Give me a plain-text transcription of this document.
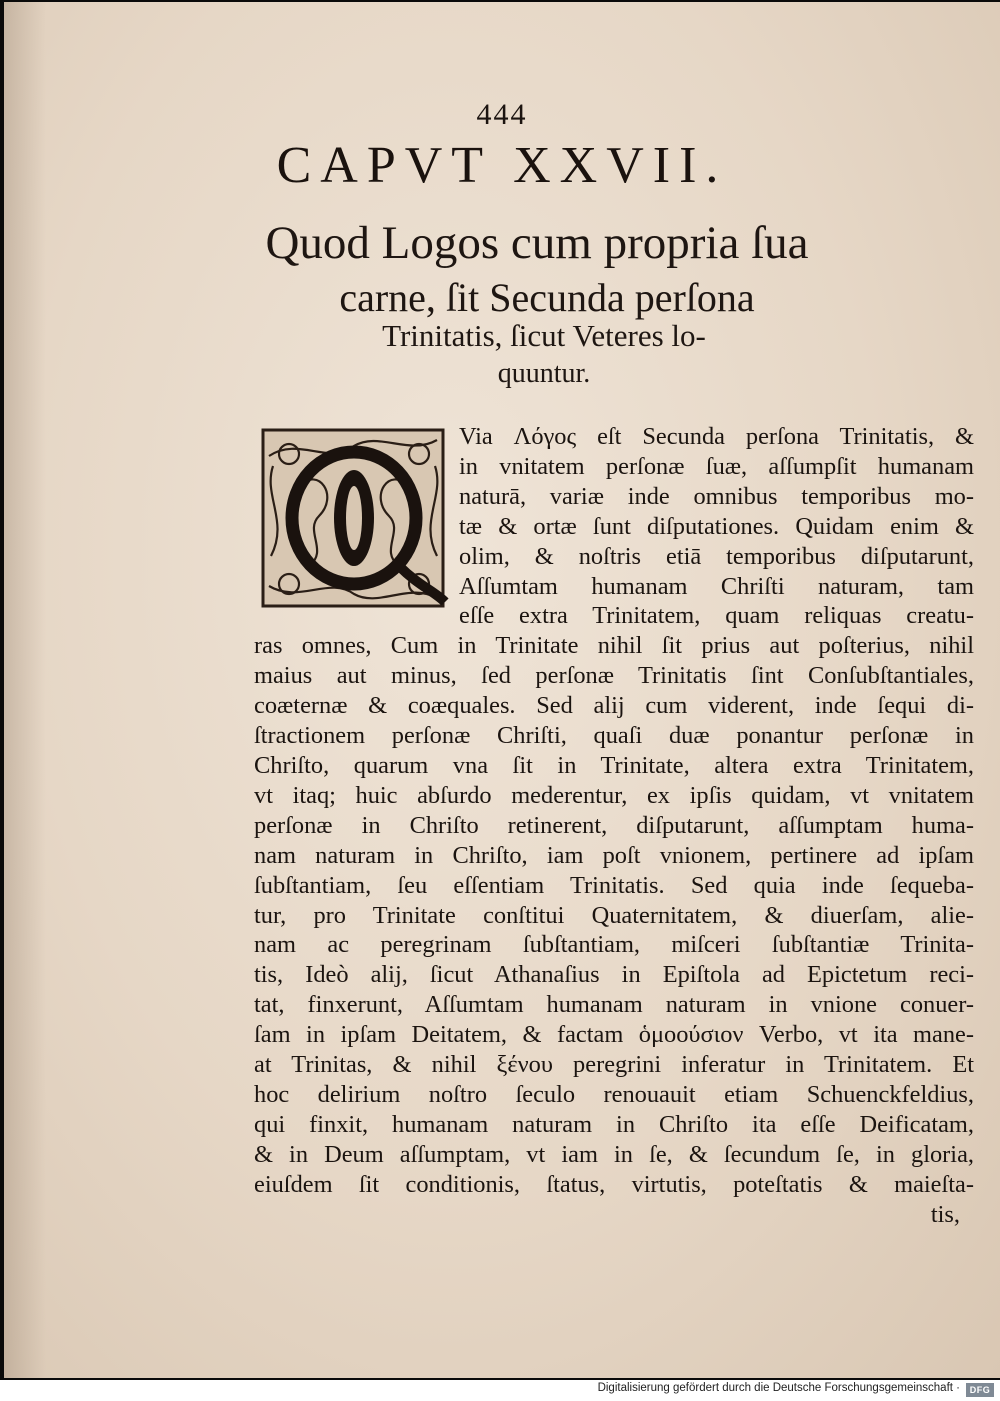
444
CAPVT XXVII.
Quod Logos cum propria ſua
carne, ſit Secunda perſona
Trinitatis, ſicut Veteres lo‑
quuntur.
Via Λόγος eſt Secunda perſona Trinitatis, &
in vnitatem perſonæ ſuæ, aſſumpſit humanam
naturā, variæ inde omnibus temporibus mo-
tæ & ortæ ſunt diſputationes. Quidam enim &
olim, & noſtris etiā temporibus diſputarunt,
Aſſumtam humanam Chriſti naturam, tam
eſſe extra Trinitatem, quam reliquas creatu-
ras omnes, Cum in Trinitate nihil ſit prius aut poſterius, nihil
maius aut minus, ſed perſonæ Trinitatis ſint Conſubſtantiales,
coæternæ & coæquales. Sed alij cum viderent, inde ſequi di-
ſtractionem perſonæ Chriſti, quaſi duæ ponantur perſonæ in
Chriſto, quarum vna ſit in Trinitate, altera extra Trinitatem,
vt itaq; huic abſurdo mederentur, ex ipſis quidam, vt vnitatem
perſonæ in Chriſto retinerent, diſputarunt, aſſumptam huma-
nam naturam in Chriſto, iam poſt vnionem, pertinere ad ipſam
ſubſtantiam, ſeu eſſentiam Trinitatis. Sed quia inde ſequeba-
tur, pro Trinitate conſtitui Quaternitatem, & diuerſam, alie-
nam ac peregrinam ſubſtantiam, miſceri ſubſtantiæ Trinita-
tis, Ideò alij, ſicut Athanaſius in Epiſtola ad Epictetum reci-
tat, finxerunt, Aſſumtam humanam naturam in vnione conuer-
ſam in ipſam Deitatem, & factam ὁμοούσιον Verbo, vt ita mane-
at Trinitas, & nihil ξένου peregrini inferatur in Trinitatem. Et
hoc delirium noſtro ſeculo renouauit etiam Schuenckfeldius,
qui finxit, humanam naturam in Chriſto ita eſſe Deificatam,
& in Deum aſſumptam, vt iam in ſe, & ſecundum ſe, in gloria,
eiuſdem ſit conditionis, ſtatus, virtutis, poteſtatis & maieſta-
tis,
Digitalisierung gefördert durch die Deutsche Forschungsgemeinschaft ·	DFG
